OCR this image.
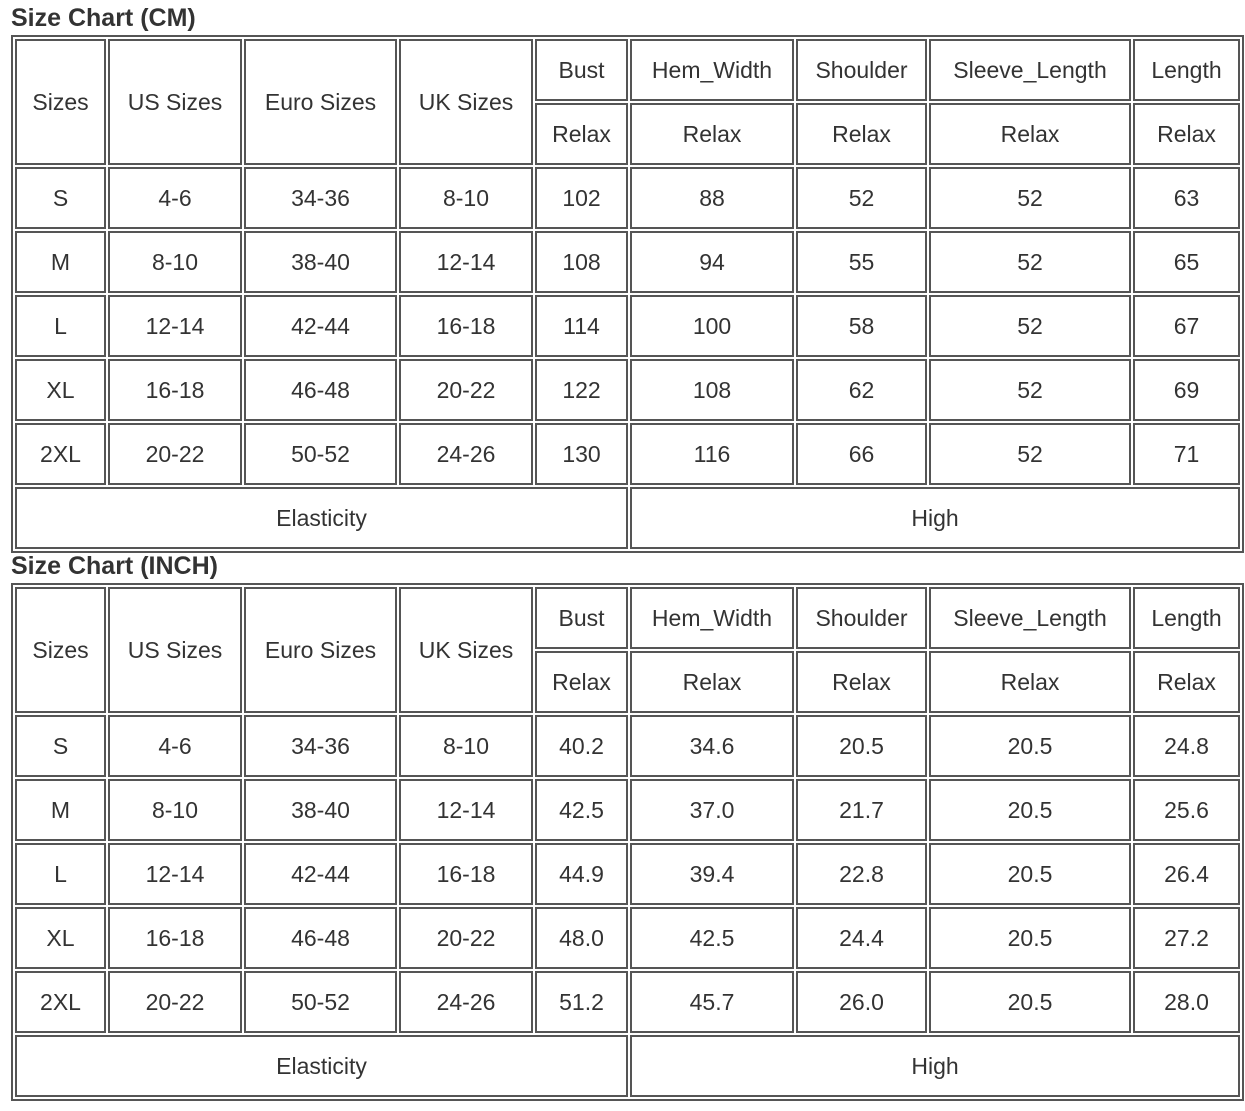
Size Chart (CM)
Sizes	US Sizes	Euro Sizes	UK Sizes	Bust	Hem_Width	Shoulder	Sleeve_Length	Length
				Relax	Relax	Relax	Relax	Relax
S	4-6	34-36	8-10	102	88	52	52	63
M	8-10	38-40	12-14	108	94	55	52	65
L	12-14	42-44	16-18	114	100	58	52	67
XL	16-18	46-48	20-22	122	108	62	52	69
2XL	20-22	50-52	24-26	130	116	66	52	71
Elasticity					High			
Size Chart (INCH)
Sizes	US Sizes	Euro Sizes	UK Sizes	Bust	Hem_Width	Shoulder	Sleeve_Length	Length
				Relax	Relax	Relax	Relax	Relax
S	4-6	34-36	8-10	40.2	34.6	20.5	20.5	24.8
M	8-10	38-40	12-14	42.5	37.0	21.7	20.5	25.6
L	12-14	42-44	16-18	44.9	39.4	22.8	20.5	26.4
XL	16-18	46-48	20-22	48.0	42.5	24.4	20.5	27.2
2XL	20-22	50-52	24-26	51.2	45.7	26.0	20.5	28.0
Elasticity					High			
